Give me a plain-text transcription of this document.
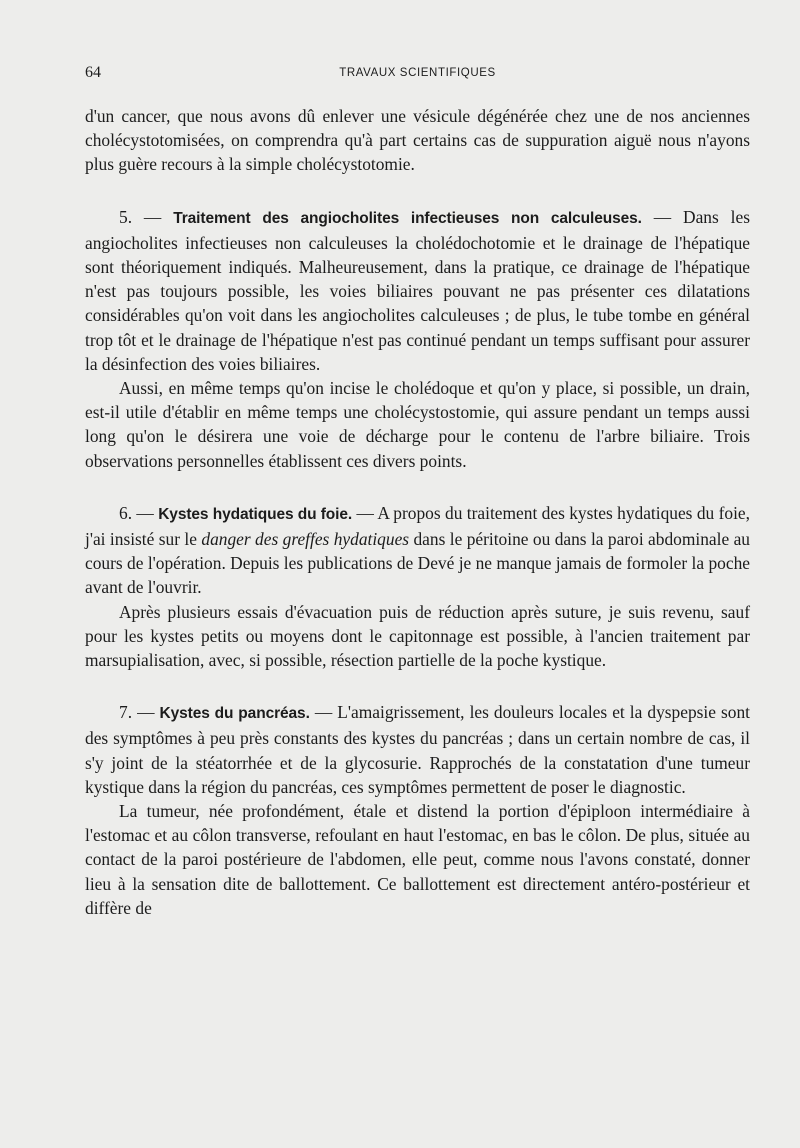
64	TRAVAUX SCIENTIFIQUES

d'un cancer, que nous avons dû enlever une vésicule dégénérée chez une de nos anciennes cholécystotomisées, on comprendra qu'à part certains cas de suppuration aiguë nous n'ayons plus guère recours à la simple cholécystotomie.

5. — Traitement des angiocholites infectieuses non calculeuses. — Dans les angiocholites infectieuses non calculeuses la cholédochotomie et le drainage de l'hépatique sont théoriquement indiqués. Malheureusement, dans la pratique, ce drainage de l'hépatique n'est pas toujours possible, les voies biliaires pouvant ne pas présenter ces dilatations considérables qu'on voit dans les angiocholites calculeuses ; de plus, le tube tombe en général trop tôt et le drainage de l'hépatique n'est pas continué pendant un temps suffisant pour assurer la désinfection des voies biliaires.

Aussi, en même temps qu'on incise le cholédoque et qu'on y place, si possible, un drain, est-il utile d'établir en même temps une cholécystostomie, qui assure pendant un temps aussi long qu'on le désirera une voie de décharge pour le contenu de l'arbre biliaire. Trois observations personnelles établissent ces divers points.

6. — Kystes hydatiques du foie. — A propos du traitement des kystes hydatiques du foie, j'ai insisté sur le danger des greffes hydatiques dans le péritoine ou dans la paroi abdominale au cours de l'opération. Depuis les publications de Devé je ne manque jamais de formoler la poche avant de l'ouvrir.

Après plusieurs essais d'évacuation puis de réduction après suture, je suis revenu, sauf pour les kystes petits ou moyens dont le capitonnage est possible, à l'ancien traitement par marsupialisation, avec, si possible, résection partielle de la poche kystique.

7. — Kystes du pancréas. — L'amaigrissement, les douleurs locales et la dyspepsie sont des symptômes à peu près constants des kystes du pancréas ; dans un certain nombre de cas, il s'y joint de la stéatorrhée et de la glycosurie. Rapprochés de la constatation d'une tumeur kystique dans la région du pancréas, ces symptômes permettent de poser le diagnostic.

La tumeur, née profondément, étale et distend la portion d'épiploon intermédiaire à l'estomac et au côlon transverse, refoulant en haut l'estomac, en bas le côlon. De plus, située au contact de la paroi postérieure de l'abdomen, elle peut, comme nous l'avons constaté, donner lieu à la sensation dite de ballottement. Ce ballottement est directement antéro-postérieur et diffère de
